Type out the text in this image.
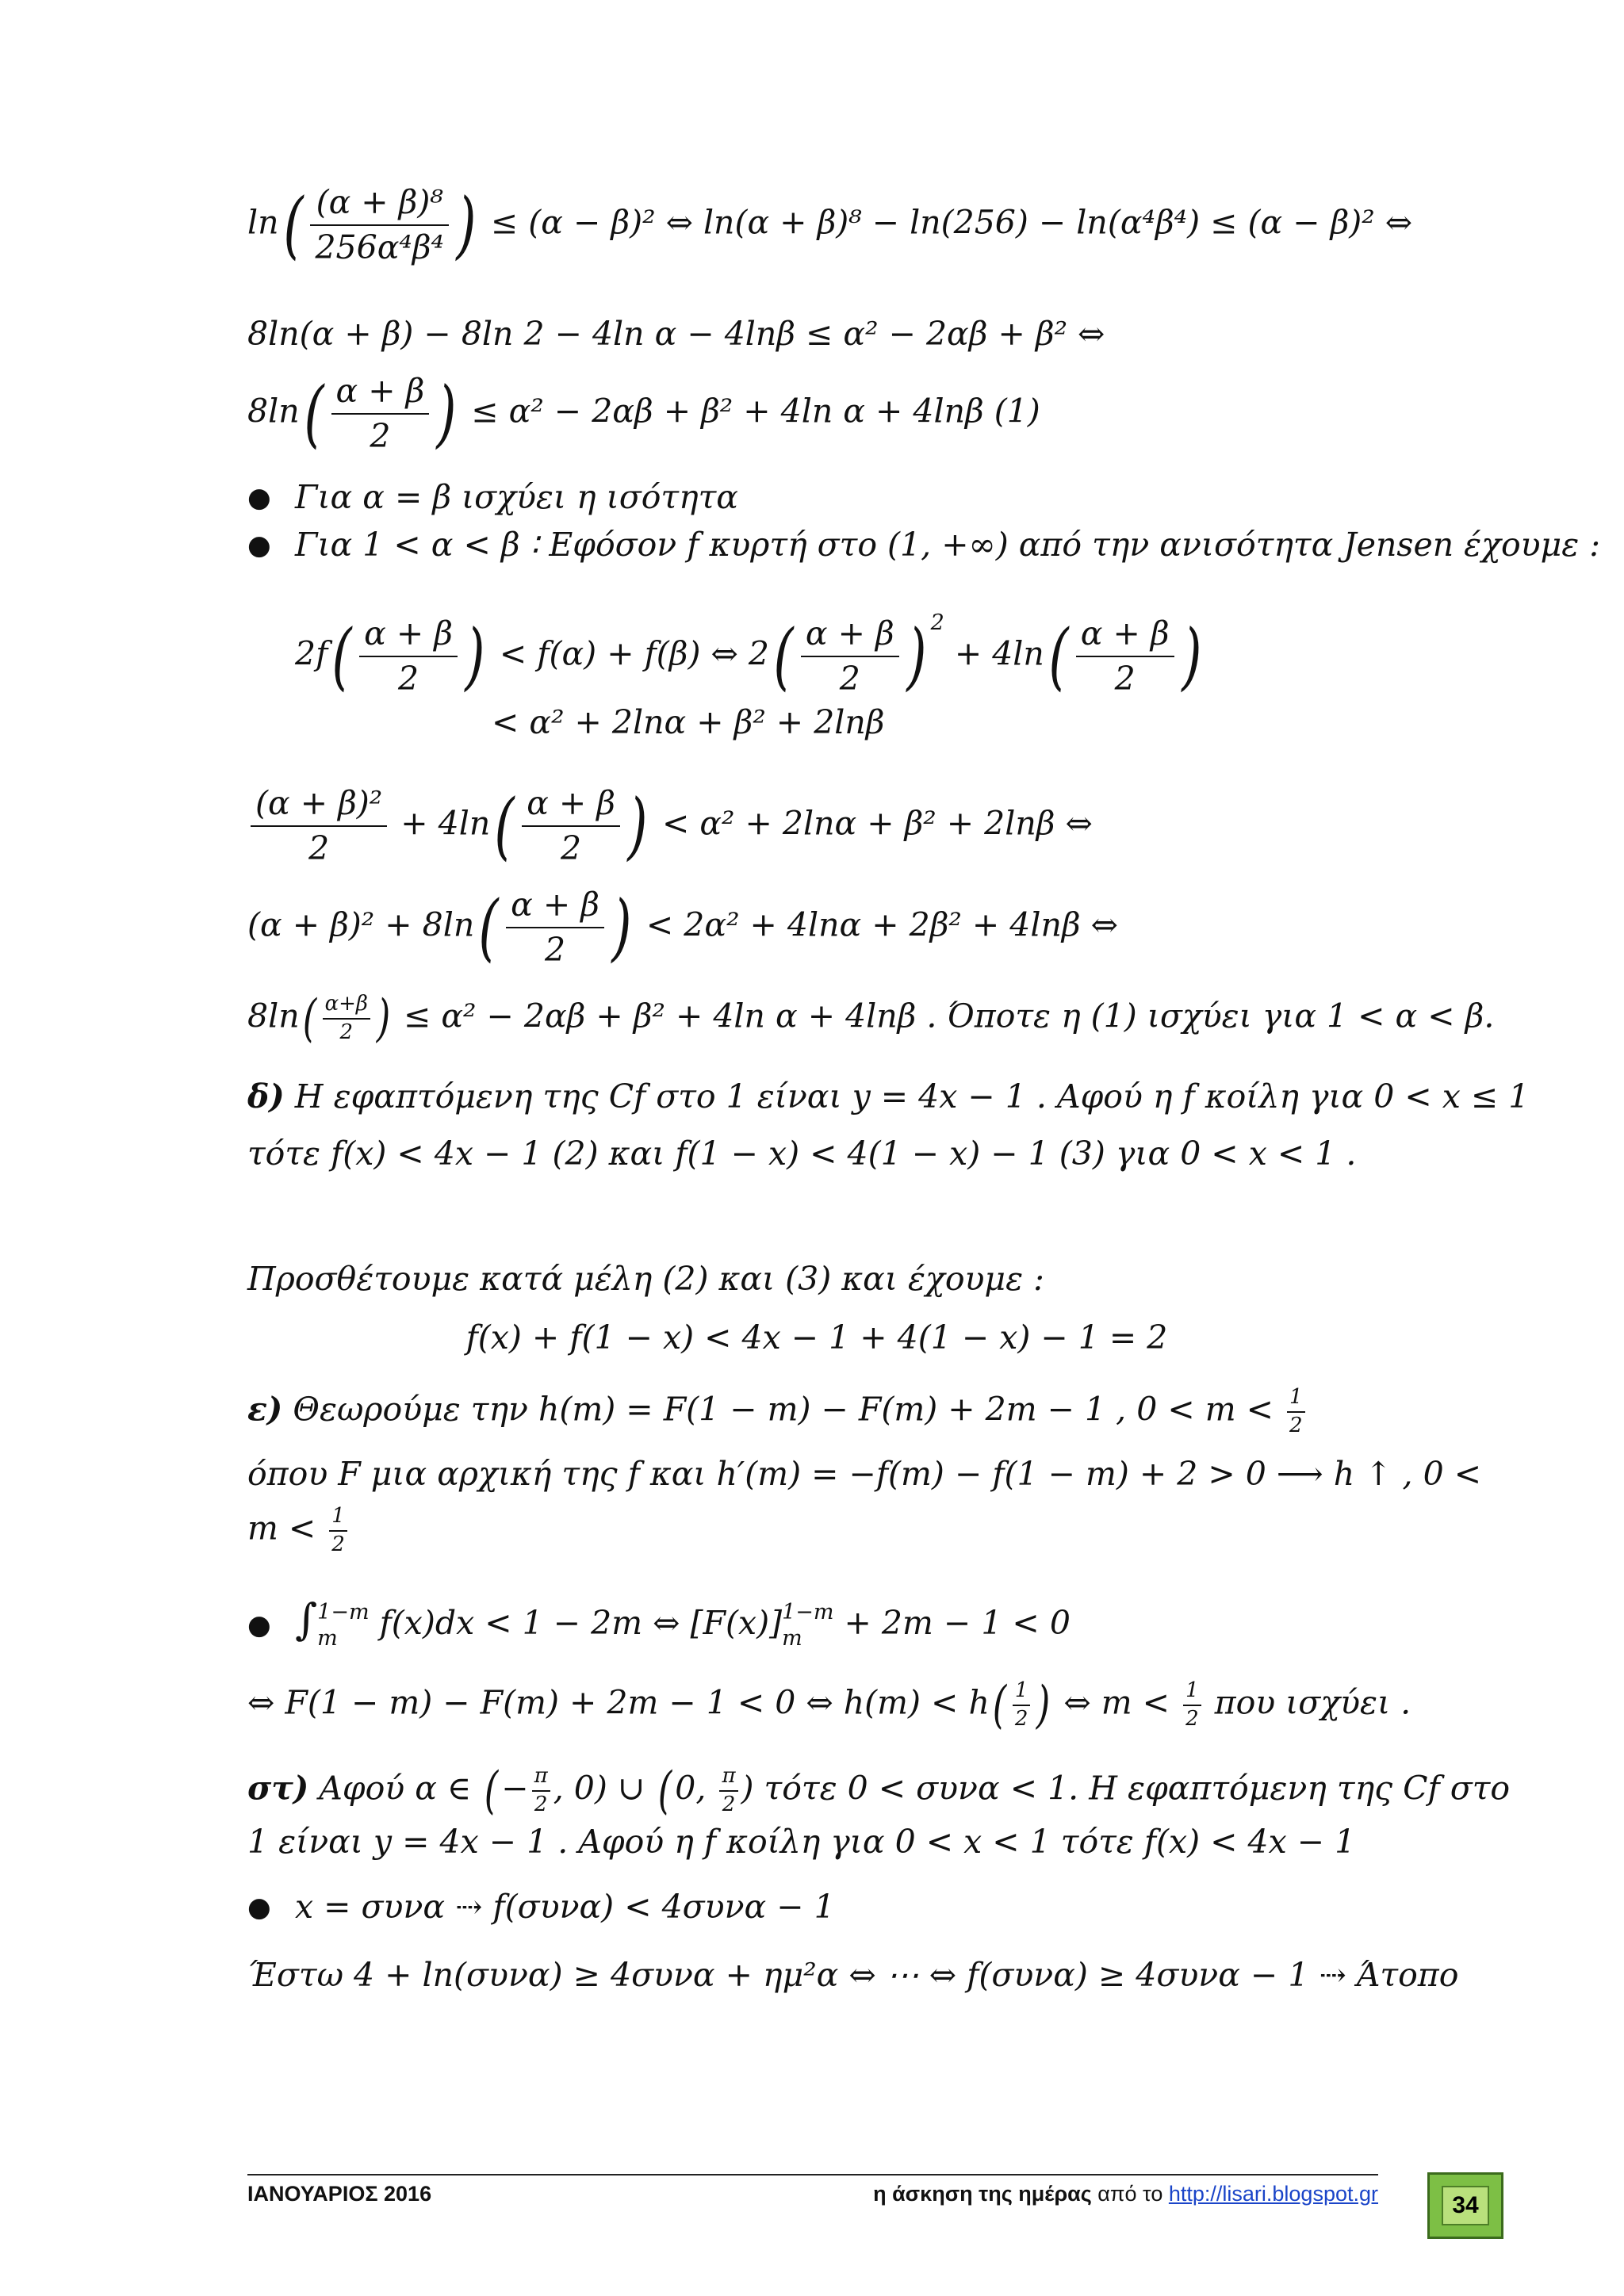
$\ln( \frac{\text{(α + β)⁸}}{\text{256α⁴β⁴}}$ ) ≤ (α − β)² ⇔ ln(α + β)⁸ − ln(256) − ln(α⁴β⁴) ≤ (α − β)² ⇔
8ln(α + β) − 8ln 2 − 4ln α − 4lnβ ≤ α² − 2αβ + β² ⇔
$8\ln( \frac{\alpha + \beta}{2}$ ) ≤ α² − 2αβ + β² + 4ln α + 4lnβ (1)
● Για α = β ισχύει η ισότητα
● Για 1 < α < β ∶ Εφόσον f κυρτή στο (1, +∞) από την ανισότητα Jensen έχουμε :
$2f( \frac{\alpha + \beta}{2}$ ) < f(α) + f(β) ⇔ $2( \frac{\alpha + \beta}{2}$ ) $^2 + 4\ln( \frac{\alpha + \beta}{2}$ )
< α² + 2lnα + β² + 2lnβ
$\frac{\text{(α + β)²}}{2} + 4\ln( \frac{\alpha + \beta}{2}$ ) < α² + 2lnα + β² + 2lnβ ⇔
$(\alpha + \beta)^2 + 8\ln( \frac{\alpha + \beta}{2}$ ) < 2α² + 4lnα + 2β² + 4lnβ ⇔
$8\ln( \frac{\alpha+\beta}{2}$ ) ≤ α² − 2αβ + β² + 4ln α + 4lnβ . Όποτε η (1) ισχύει για 1 < α < β.
δ) Η εφαπτόμενη της Cf στο 1 είναι y = 4x − 1 . Αφού η f κοίλη για 0 < x ≤ 1
τότε f(x) < 4x − 1 (2) και f(1 − x) < 4(1 − x) − 1 (3) για 0 < x < 1 .
Προσθέτουμε κατά μέλη (2) και (3) και έχουμε :
f(x) + f(1 − x) < 4x − 1 + 4(1 − x) − 1 = 2
ε) Θεωρούμε την h(m) = F(1 − m) − F(m) + 2m − 1 , $0 < m < \frac{1}{2}$
όπου F μια αρχική της f και h′(m) = −f(m) − f(1 − m) + 2 > 0 ⟶ h ↑ , 0 <
$m < \frac{1}{2}$
● ∫ 1−m
m f(x)dx < 1 − 2m ⇔ [F(x)] 1−m
m + 2m − 1 < 0
⇔ F(1 − m) − F(m) + 2m − 1 < 0 ⇔ $h(m) < h( \frac{1}{2}$ ) ⇔ $m < \frac{1}{2}$ που ισχύει .
στ) Αφού α ∈ (− $\frac{\pi}{2}$ , 0) ∪ (0, $\frac{\pi}{2}$ ) τότε 0 < συνα < 1. Η εφαπτόμενη της Cf στο
1 είναι y = 4x − 1 . Αφού η f κοίλη για 0 < x < 1 τότε f(x) < 4x − 1
● x = συνα ⇢ f(συνα) < 4συνα − 1
Έστω 4 + ln(συνα) ≥ 4συνα + ημ²α ⇔ ⋯ ⇔ f(συνα) ≥ 4συνα − 1 ⇢ Άτοπο
ΙΑΝΟΥΑΡΙΟΣ 2016	η άσκηση της ημέρας από το http://lisari.blogspot.gr	34
